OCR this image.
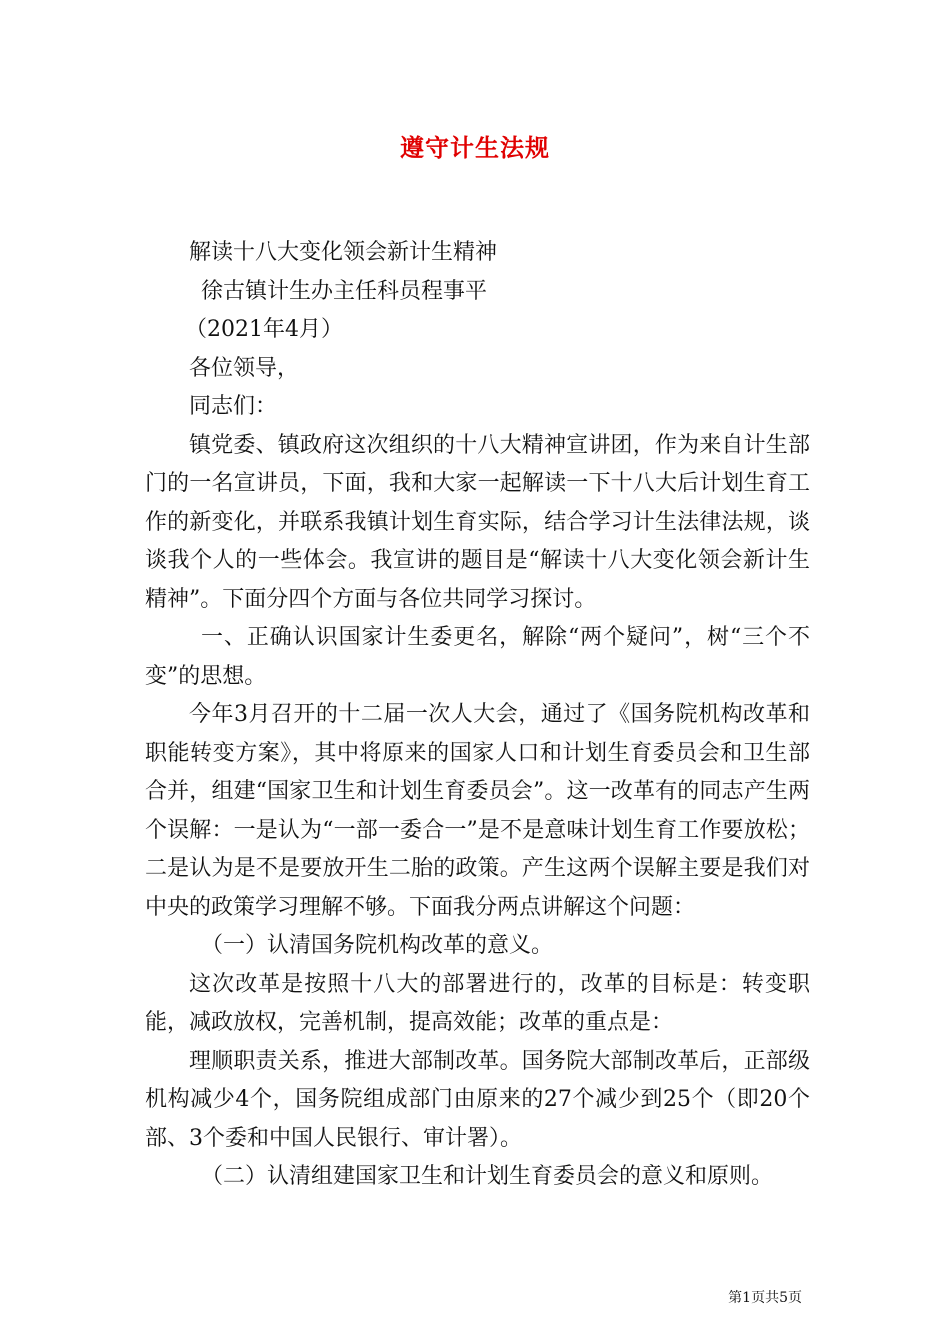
遵守计生法规

解读十八大变化领会新计生精神

徐古镇计生办主任科员程事平

（2021年4月）

各位领导，

同志们：

镇党委、镇政府这次组织的十八大精神宣讲团，作为来自计生部门的一名宣讲员，下面，我和大家一起解读一下十八大后计划生育工作的新变化，并联系我镇计划生育实际，结合学习计生法律法规，谈谈我个人的一些体会。我宣讲的题目是“解读十八大变化领会新计生精神”。下面分四个方面与各位共同学习探讨。

一、正确认识国家计生委更名，解除“两个疑问”，树“三个不变”的思想。

今年3月召开的十二届一次人大会，通过了《国务院机构改革和职能转变方案》，其中将原来的国家人口和计划生育委员会和卫生部合并，组建“国家卫生和计划生育委员会”。这一改革有的同志产生两个误解：一是认为“一部一委合一”是不是意味计划生育工作要放松；二是认为是不是要放开生二胎的政策。产生这两个误解主要是我们对中央的政策学习理解不够。下面我分两点讲解这个问题：

（一）认清国务院机构改革的意义。

这次改革是按照十八大的部署进行的，改革的目标是：转变职能，减政放权，完善机制，提高效能；改革的重点是：

理顺职责关系，推进大部制改革。国务院大部制改革后，正部级机构减少4个，国务院组成部门由原来的27个减少到25个（即20个部、3个委和中国人民银行、审计署）。

（二）认清组建国家卫生和计划生育委员会的意义和原则。

第1页共5页
